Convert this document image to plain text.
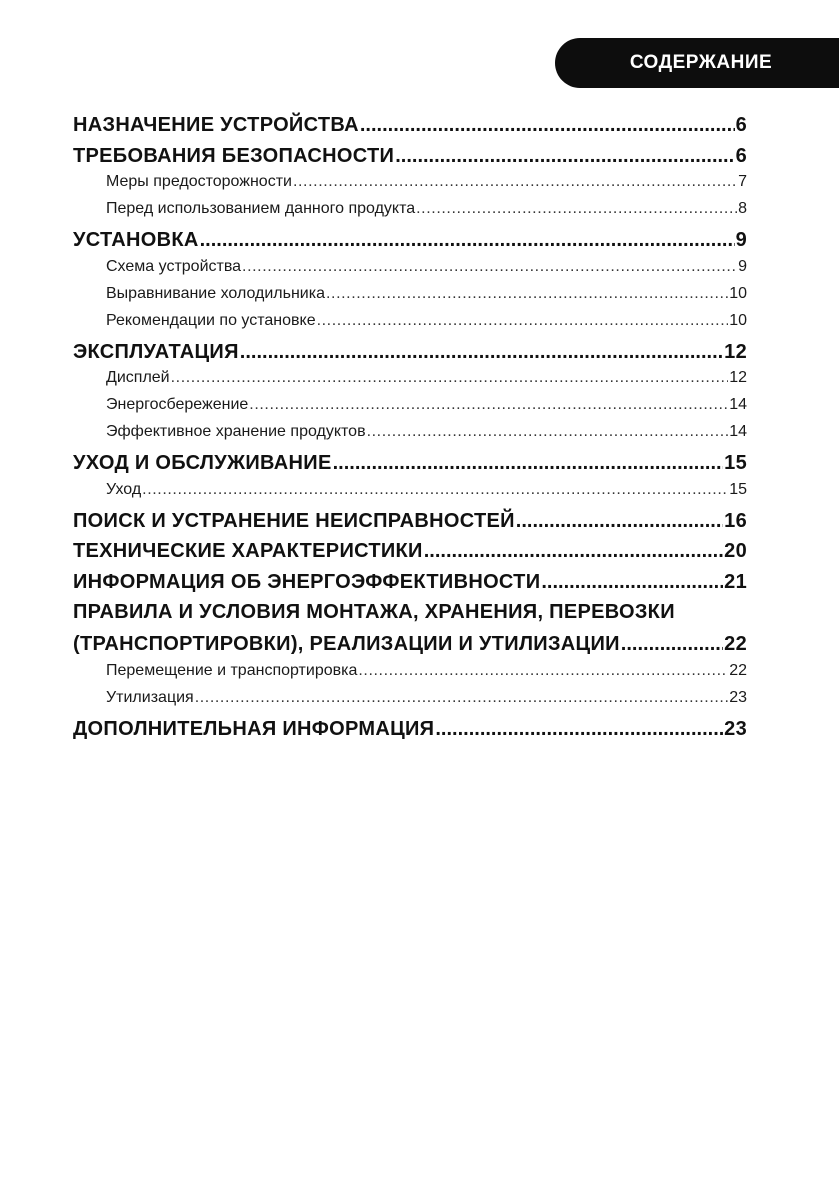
СОДЕРЖАНИЕ
НАЗНАЧЕНИЕ УСТРОЙСТВА .....	6
ТРЕБОВАНИЯ БЕЗОПАСНОСТИ .....	6
Меры предосторожности .....	7
Перед использованием данного продукта .....	8
УСТАНОВКА .....	9
Схема устройства .....	9
Выравнивание холодильника .....	10
Рекомендации по установке .....	10
ЭКСПЛУАТАЦИЯ .....	12
Дисплей .....	12
Энергосбережение .....	14
Эффективное хранение продуктов .....	14
УХОД И ОБСЛУЖИВАНИЕ .....	15
Уход .....	15
ПОИСК И УСТРАНЕНИЕ НЕИСПРАВНОСТЕЙ .....	16
ТЕХНИЧЕСКИЕ ХАРАКТЕРИСТИКИ .....	20
ИНФОРМАЦИЯ ОБ ЭНЕРГОЭФФЕКТИВНОСТИ .....	21
ПРАВИЛА И УСЛОВИЯ МОНТАЖА, ХРАНЕНИЯ, ПЕРЕВОЗКИ
(ТРАНСПОРТИРОВКИ), РЕАЛИЗАЦИИ И УТИЛИЗАЦИИ .....	22
Перемещение и транспортировка .....	22
Утилизация .....	23
ДОПОЛНИТЕЛЬНАЯ ИНФОРМАЦИЯ .....	23
